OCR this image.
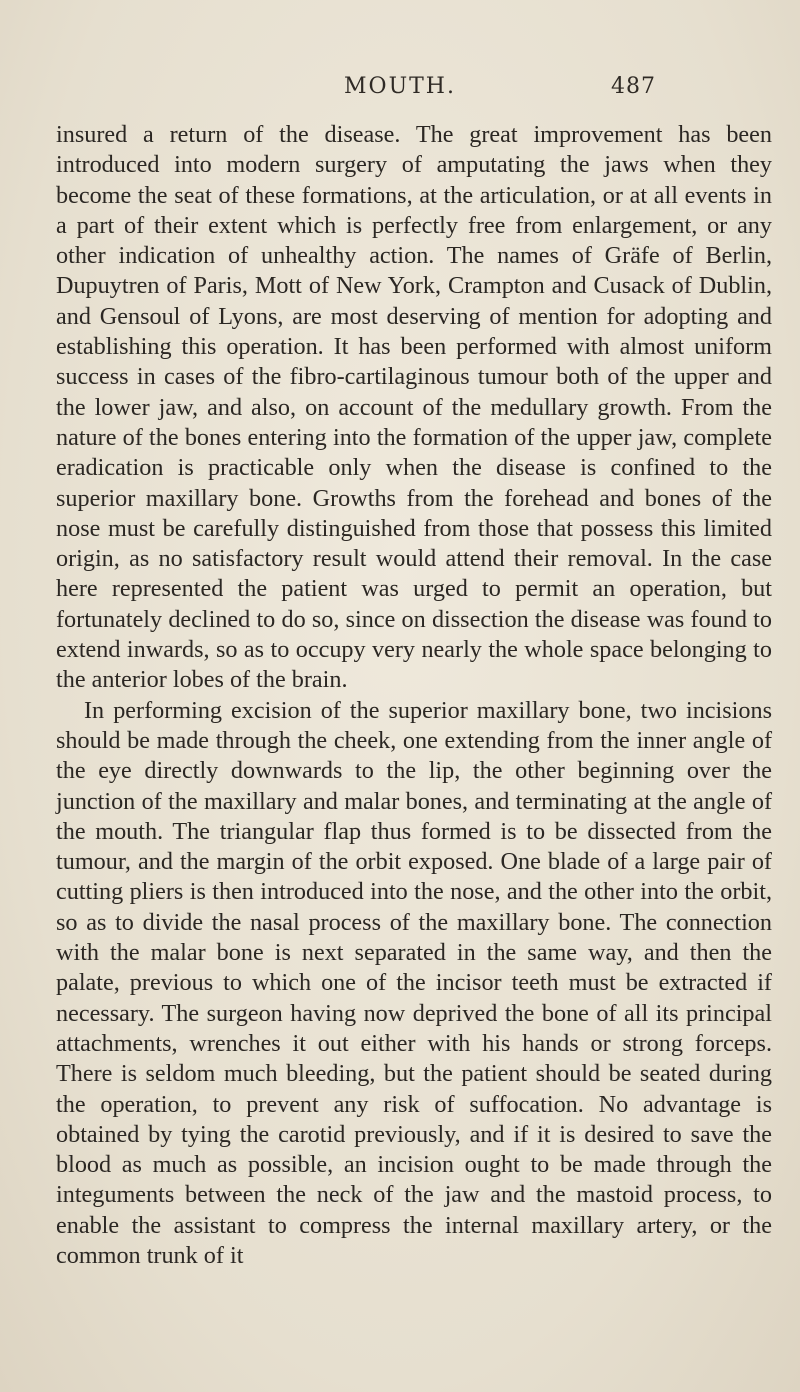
MOUTH.	487

insured a return of the disease. The great improvement has been introduced into modern surgery of amputating the jaws when they become the seat of these formations, at the articulation, or at all events in a part of their extent which is perfectly free from enlargement, or any other indication of unhealthy action. The names of Gräfe of Berlin, Dupuytren of Paris, Mott of New York, Crampton and Cusack of Dublin, and Gensoul of Lyons, are most deserving of mention for adopting and establishing this operation. It has been performed with almost uniform success in cases of the fibro-cartilaginous tumour both of the upper and the lower jaw, and also, on account of the medullary growth. From the nature of the bones entering into the formation of the upper jaw, complete eradication is practicable only when the disease is confined to the superior maxillary bone. Growths from the forehead and bones of the nose must be carefully distinguished from those that possess this limited origin, as no satisfactory result would attend their removal. In the case here represented the patient was urged to permit an operation, but fortunately declined to do so, since on dissection the disease was found to extend inwards, so as to occupy very nearly the whole space belonging to the anterior lobes of the brain.

In performing excision of the superior maxillary bone, two incisions should be made through the cheek, one extending from the inner angle of the eye directly downwards to the lip, the other beginning over the junction of the maxillary and malar bones, and terminating at the angle of the mouth. The triangular flap thus formed is to be dissected from the tumour, and the margin of the orbit exposed. One blade of a large pair of cutting pliers is then introduced into the nose, and the other into the orbit, so as to divide the nasal process of the maxillary bone. The connection with the malar bone is next separated in the same way, and then the palate, previous to which one of the incisor teeth must be extracted if necessary. The surgeon having now deprived the bone of all its principal attachments, wrenches it out either with his hands or strong forceps. There is seldom much bleeding, but the patient should be seated during the operation, to prevent any risk of suffocation. No advantage is obtained by tying the carotid previously, and if it is desired to save the blood as much as possible, an incision ought to be made through the integuments between the neck of the jaw and the mastoid process, to enable the assistant to compress the internal maxillary artery, or the common trunk of it
